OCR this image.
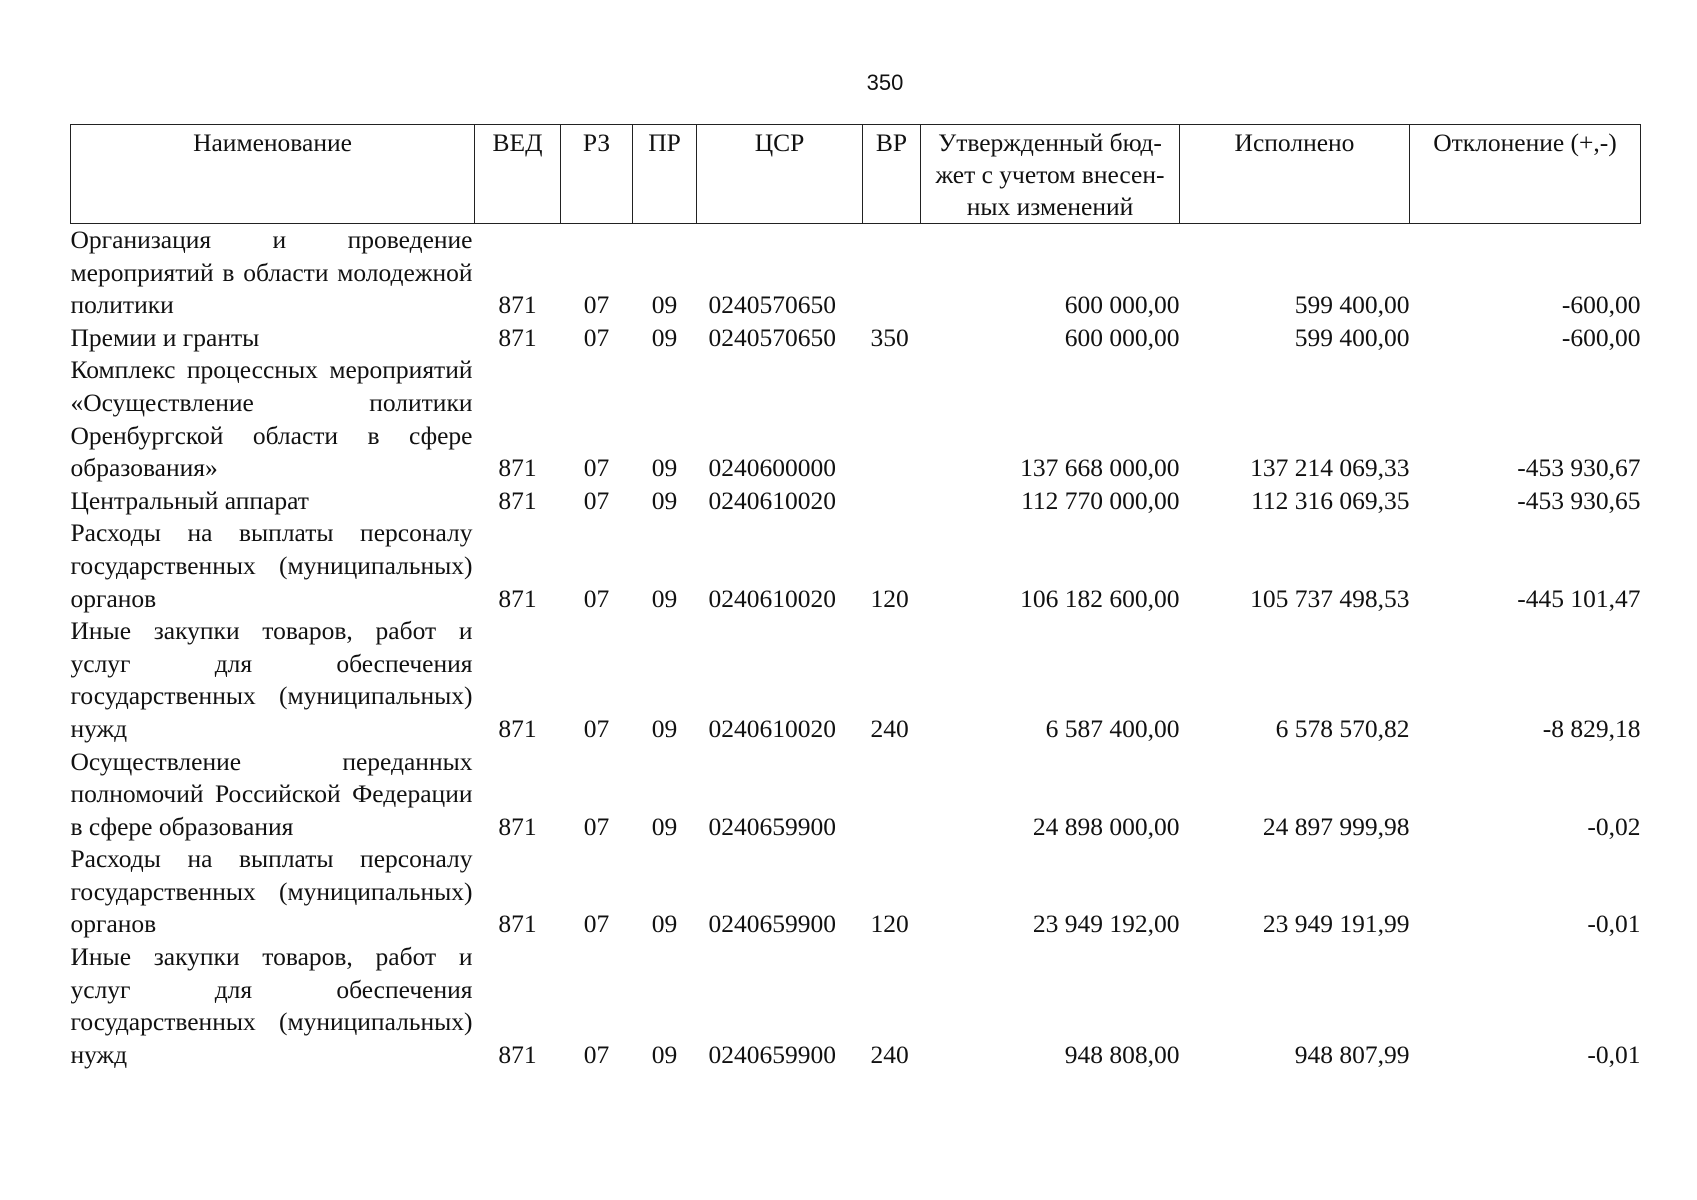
350
Наименование	ВЕД	РЗ	ПР	ЦСР	ВР	Утвержденный бюд-жет с учетом внесен-ных изменений	Исполнено	Отклонение (+,-)
Организация и проведение мероприятий в области молодежной политики	871	07	09	0240570650		600 000,00	599 400,00	-600,00
Премии и гранты	871	07	09	0240570650	350	600 000,00	599 400,00	-600,00
Комплекс процессных мероприятий «Осуществление политики Оренбургской области в сфере образования»	871	07	09	0240600000		137 668 000,00	137 214 069,33	-453 930,67
Центральный аппарат	871	07	09	0240610020		112 770 000,00	112 316 069,35	-453 930,65
Расходы на выплаты персоналу государственных (муниципальных) органов	871	07	09	0240610020	120	106 182 600,00	105 737 498,53	-445 101,47
Иные закупки товаров, работ и услуг для обеспечения государственных (муниципальных) нужд	871	07	09	0240610020	240	6 587 400,00	6 578 570,82	-8 829,18
Осуществление переданных полномочий Российской Федерации в сфере образования	871	07	09	0240659900		24 898 000,00	24 897 999,98	-0,02
Расходы на выплаты персоналу государственных (муниципальных) органов	871	07	09	0240659900	120	23 949 192,00	23 949 191,99	-0,01
Иные закупки товаров, работ и услуг для обеспечения государственных (муниципальных) нужд	871	07	09	0240659900	240	948 808,00	948 807,99	-0,01
